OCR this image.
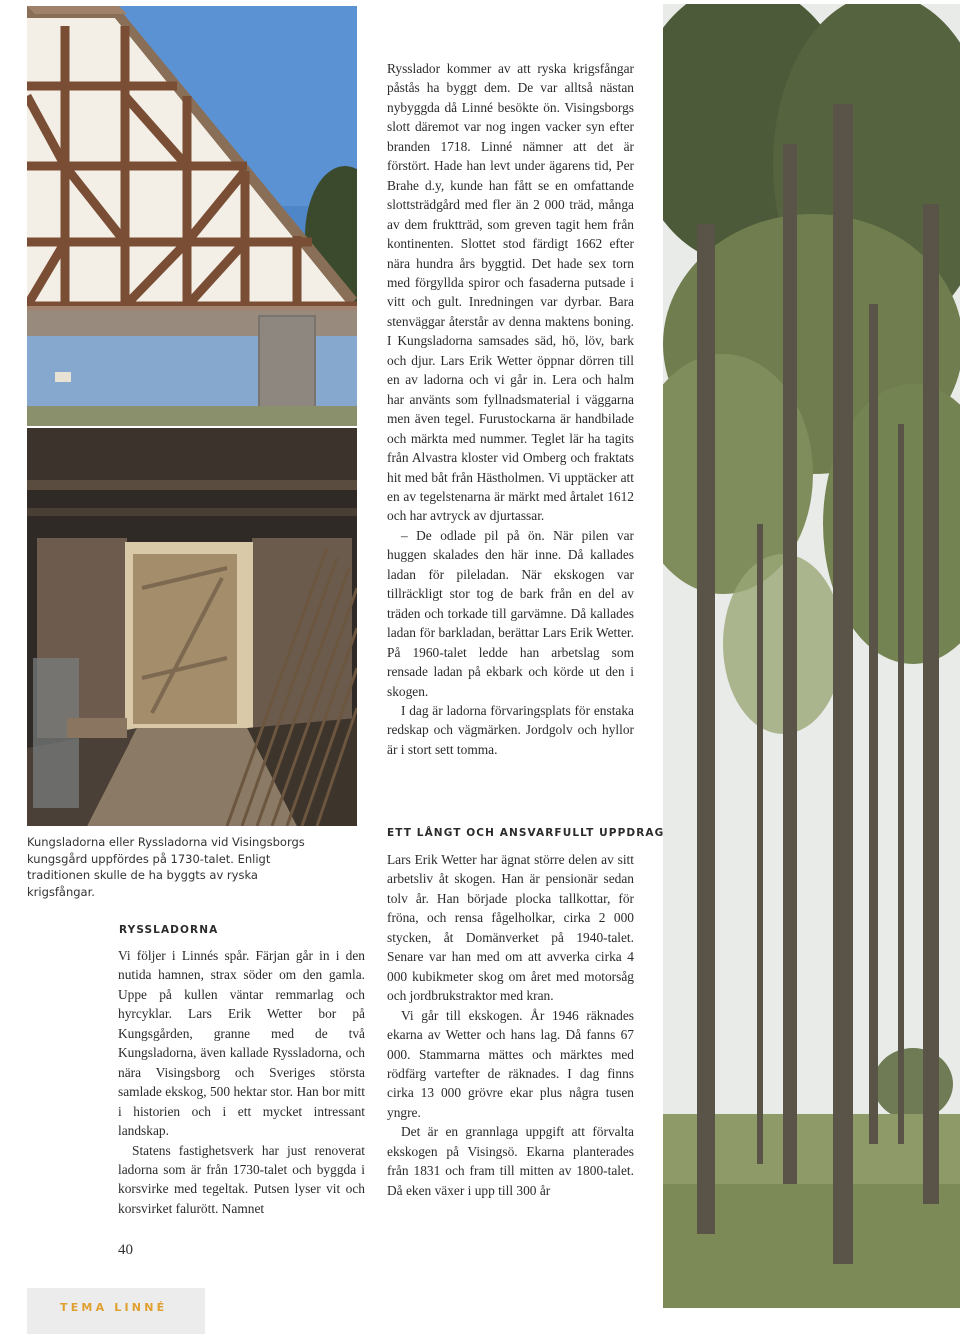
Rysslador kommer av att ryska krigsfångar påstås ha byggt dem. De var alltså nästan nybyggda då Linné besökte ön. Visingsborgs slott däremot var nog ingen vacker syn efter branden 1718. Linné nämner att det är förstört. Hade han levt under ägarens tid, Per Brahe d.y, kunde han fått se en omfattande slottsträdgård med fler än 2 000 träd, många av dem fruktträd, som greven tagit hem från kontinenten. Slottet stod färdigt 1662 efter nära hundra års byggtid. Det hade sex torn med förgyllda spiror och fasaderna putsade i vitt och gult. Inredningen var dyrbar. Bara stenväggar återstår av denna maktens boning. I Kungsladorna samsades säd, hö, löv, bark och djur. Lars Erik Wetter öppnar dörren till en av ladorna och vi går in. Lera och halm har använts som fyllnadsmaterial i väggarna men även tegel. Furustockarna är handbilade och märkta med nummer. Teglet lär ha tagits från Alvastra kloster vid Omberg och fraktats hit med båt från Hästholmen. Vi upptäcker att en av tegelstenarna är märkt med årtalet 1612 och har avtryck av djurtassar.

– De odlade pil på ön. När pilen var huggen skalades den här inne. Då kallades ladan för pileladan. När ekskogen var tillräckligt stor tog de bark från en del av träden och torkade till garvämne. Då kallades ladan för barkladan, berättar Lars Erik Wetter. På 1960-talet ledde han arbetslag som rensade ladan på ekbark och körde ut den i skogen.

I dag är ladorna förvaringsplats för enstaka redskap och vägmärken. Jordgolv och hyllor är i stort sett tomma.

ETT LÅNGT OCH ANSVARFULLT UPPDRAG

Lars Erik Wetter har ägnat större delen av sitt arbetsliv åt skogen. Han är pensionär sedan tolv år. Han började plocka tallkottar, för fröna, och rensa fågelholkar, cirka 2 000 stycken, åt Domänverket på 1940-talet. Senare var han med om att avverka cirka 4 000 kubikmeter skog om året med motorsåg och jordbrukstraktor med kran.

Vi går till ekskogen. År 1946 räknades ekarna av Wetter och hans lag. Då fanns 67 000. Stammarna mättes och märktes med rödfärg vartefter de räknades. I dag finns cirka 13 000 grövre ekar plus några tusen yngre.

Det är en grannlaga uppgift att förvalta ekskogen på Visingsö. Ekarna planterades från 1831 och fram till mitten av 1800-talet. Då eken växer i upp till 300 år

Kungsladorna eller Ryssladorna vid Visingsborgs kungsgård uppfördes på 1730-talet. Enligt traditionen skulle de ha byggts av ryska krigsfångar.
RYSSLADORNA

Vi följer i Linnés spår. Färjan går in i den nutida hamnen, strax söder om den gamla. Uppe på kullen väntar remmarlag och hyrcyklar. Lars Erik Wetter bor på Kungsgården, granne med de två Kungsladorna, även kallade Ryssladorna, och nära Visingsborg och Sveriges största samlade ekskog, 500 hektar stor. Han bor mitt i historien och i ett mycket intressant landskap.

Statens fastighetsverk har just renoverat ladorna som är från 1730-talet och byggda i korsvirke med tegeltak. Putsen lyser vit och korsvirket falurött. Namnet

40
TEMA LINNÉ
